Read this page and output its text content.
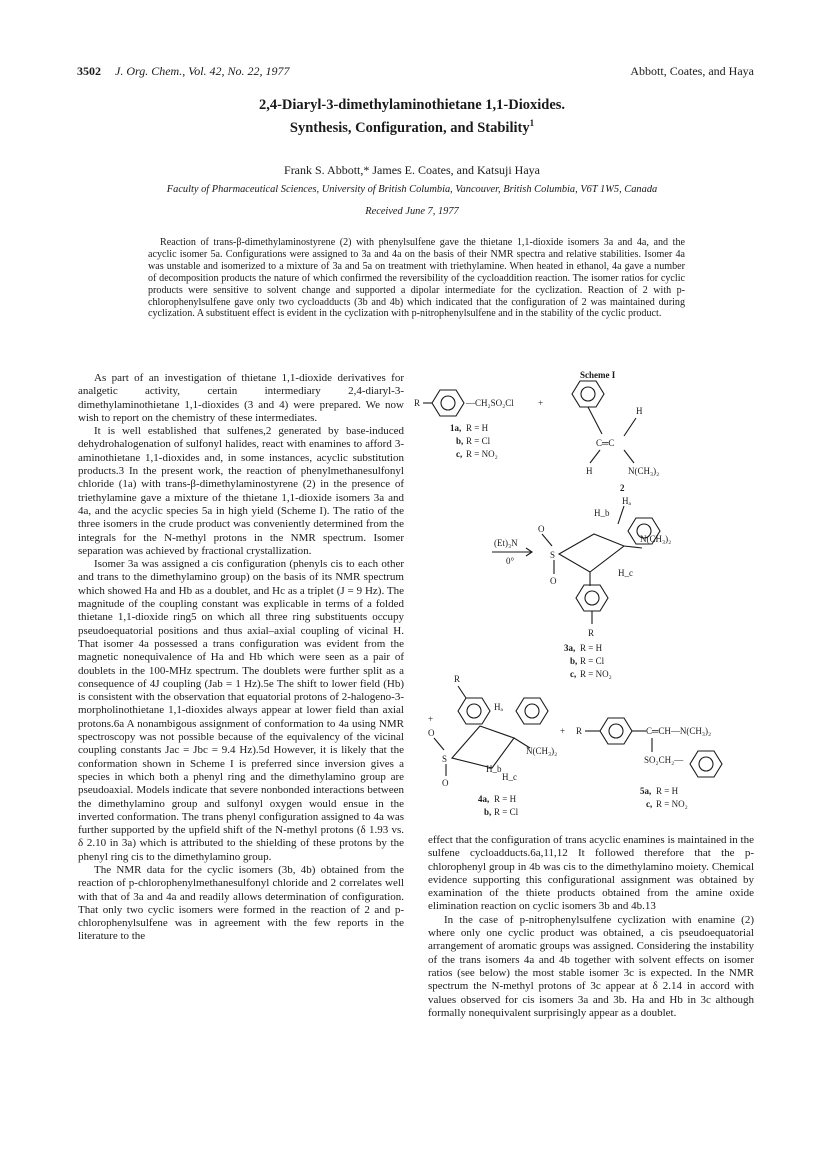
3502 J. Org. Chem., Vol. 42, No. 22, 1977	Abbott, Coates, and Haya
2,4-Diaryl-3-dimethylaminothietane 1,1-Dioxides.
Synthesis, Configuration, and Stability$^1$
Frank S. Abbott,* James E. Coates, and Katsuji Haya
Faculty of Pharmaceutical Sciences, University of British Columbia, Vancouver, British Columbia, V6T 1W5, Canada
Received June 7, 1977

Reaction of trans-β-dimethylaminostyrene (2) with phenylsulfene gave the thietane 1,1-dioxide isomers 3a and 4a, and the acyclic isomer 5a. Configurations were assigned to 3a and 4a on the basis of their NMR spectra and relative stabilities. Isomer 4a was unstable and isomerized to a mixture of 3a and 5a on treatment with triethylamine. When heated in ethanol, 4a gave a number of decomposition products the nature of which confirmed the reversibility of the cycloaddition reaction. The isomer ratios for cyclic products were sensitive to solvent change and supported a dipolar intermediate for the cyclization. Reaction of 2 with p-chlorophenylsulfene gave only two cycloadducts (3b and 4b) which indicated that the configuration of 2 was maintained during cyclization. A substituent effect is evident in the cyclization with p-nitrophenylsulfene and in the stability of the cyclic product.

As part of an investigation of thietane 1,1-dioxide derivatives for analgetic activity, certain intermediary 2,4-diaryl-3-dimethylaminothietane 1,1-dioxides (3 and 4) were prepared. We now wish to report on the chemistry of these intermediates.

It is well established that sulfenes,2 generated by base-induced dehydrohalogenation of sulfonyl halides, react with enamines to afford 3-aminothietane 1,1-dioxides and, in some instances, acyclic substitution products.3 In the present work, the reaction of phenylmethanesulfonyl chloride (1a) with trans-β-dimethylaminostyrene (2) in the presence of triethylamine gave a mixture of the thietane 1,1-dioxide isomers 3a and 4a, and the acyclic species 5a in high yield (Scheme I). The ratio of the three isomers in the crude product was conveniently determined from the integrals for the N-methyl protons in the NMR spectrum. Isomer separation was achieved by fractional crystallization.

Isomer 3a was assigned a cis configuration (phenyls cis to each other and trans to the dimethylamino group) on the basis of its NMR spectrum which showed Ha and Hb as a doublet, and Hc as a triplet (J = 9 Hz). The magnitude of the coupling constant was explicable in terms of a folded thietane 1,1-dioxide ring5 on which all three ring substituents occupy pseudoequatorial positions and thus axial–axial coupling of vicinal H. That isomer 4a possessed a trans configuration was evident from the magnetic nonequivalence of Ha and Hb which were seen as a pair of doublets in the 100-MHz spectrum. The doublets were further split as a consequence of 4J coupling (Jab = 1 Hz).5e The shift to lower field (Hb) is consistent with the observation that equatorial protons of 2-halogeno-3-morpholinothietane 1,1-dioxides always appear at lower field than axial protons.6a A nonambigous assignment of conformation to 4a using NMR spectroscopy was not possible because of the equivalency of the vicinal coupling constants Jac = Jbc = 9.4 Hz).5d However, it is likely that the conformation shown in Scheme I is preferred since inversion gives a species in which both a phenyl ring and the dimethylamino group are pseudoaxial. Models indicate that severe nonbonded interactions between the dimethylamino group and sulfonyl oxygen would ensue in the inverted conformation. The trans phenyl configuration assigned to 4a was further supported by the upfield shift of the N-methyl protons (δ 1.93 vs. δ 2.10 in 3a) which is attributed to the shielding of these protons by the phenyl ring cis to the dimethylamino group.

The NMR data for the cyclic isomers (3b, 4b) obtained from the reaction of p-chlorophenylmethanesulfonyl chloride and 2 correlates well with that of 3a and 4a and readily allows determination of configuration. That only two cyclic isomers were formed in the reaction of 2 and p-chlorophenylsulfene was in agreement with the few reports in the literature to the

effect that the configuration of trans acyclic enamines is maintained in the sulfene cycloadducts.6a,11,12 It followed therefore that the p-chlorophenyl group in 4b was cis to the dimethylamino moiety. Chemical evidence supporting this configurational assignment was obtained by examination of the thiete products obtained from the amine oxide elimination reaction on cyclic isomers 3b and 4b.13

In the case of p-nitrophenylsulfene cyclization with enamine (2) where only one cyclic product was obtained, a cis pseudoequatorial arrangement of aromatic groups was assigned. Considering the instability of the trans isomers 4a and 4b together with solvent effects on isomer ratios (see below) the most stable isomer 3c is expected. In the NMR spectrum the N-methyl protons of 3c appear at δ 2.14 in accord with values observed for cis isomers 3a and 3b. Ha and Hb in 3c although formally nonequivalent surprisingly appear as a doublet.

Scheme I
R	—CH₂SO₂Cl	+
1a, R = H
b, R = Cl
c, R = NO₂
C═C
H
H	N(CH₃)₂
2
(Et)₃N
0°
O
S
O
H_b
Hₐ
N(CH₃)₂
H_c
R
3a, R = H
b, R = Cl
c, R = NO₂
R
Hₐ
+
O
S
O
N(CH₃)₂
H_b
H_c
4a, R = H
b, R = Cl
+ R	C═CH—N(CH₃)₂
SO₂CH₂—
5a, R = H
c, R = NO₂
